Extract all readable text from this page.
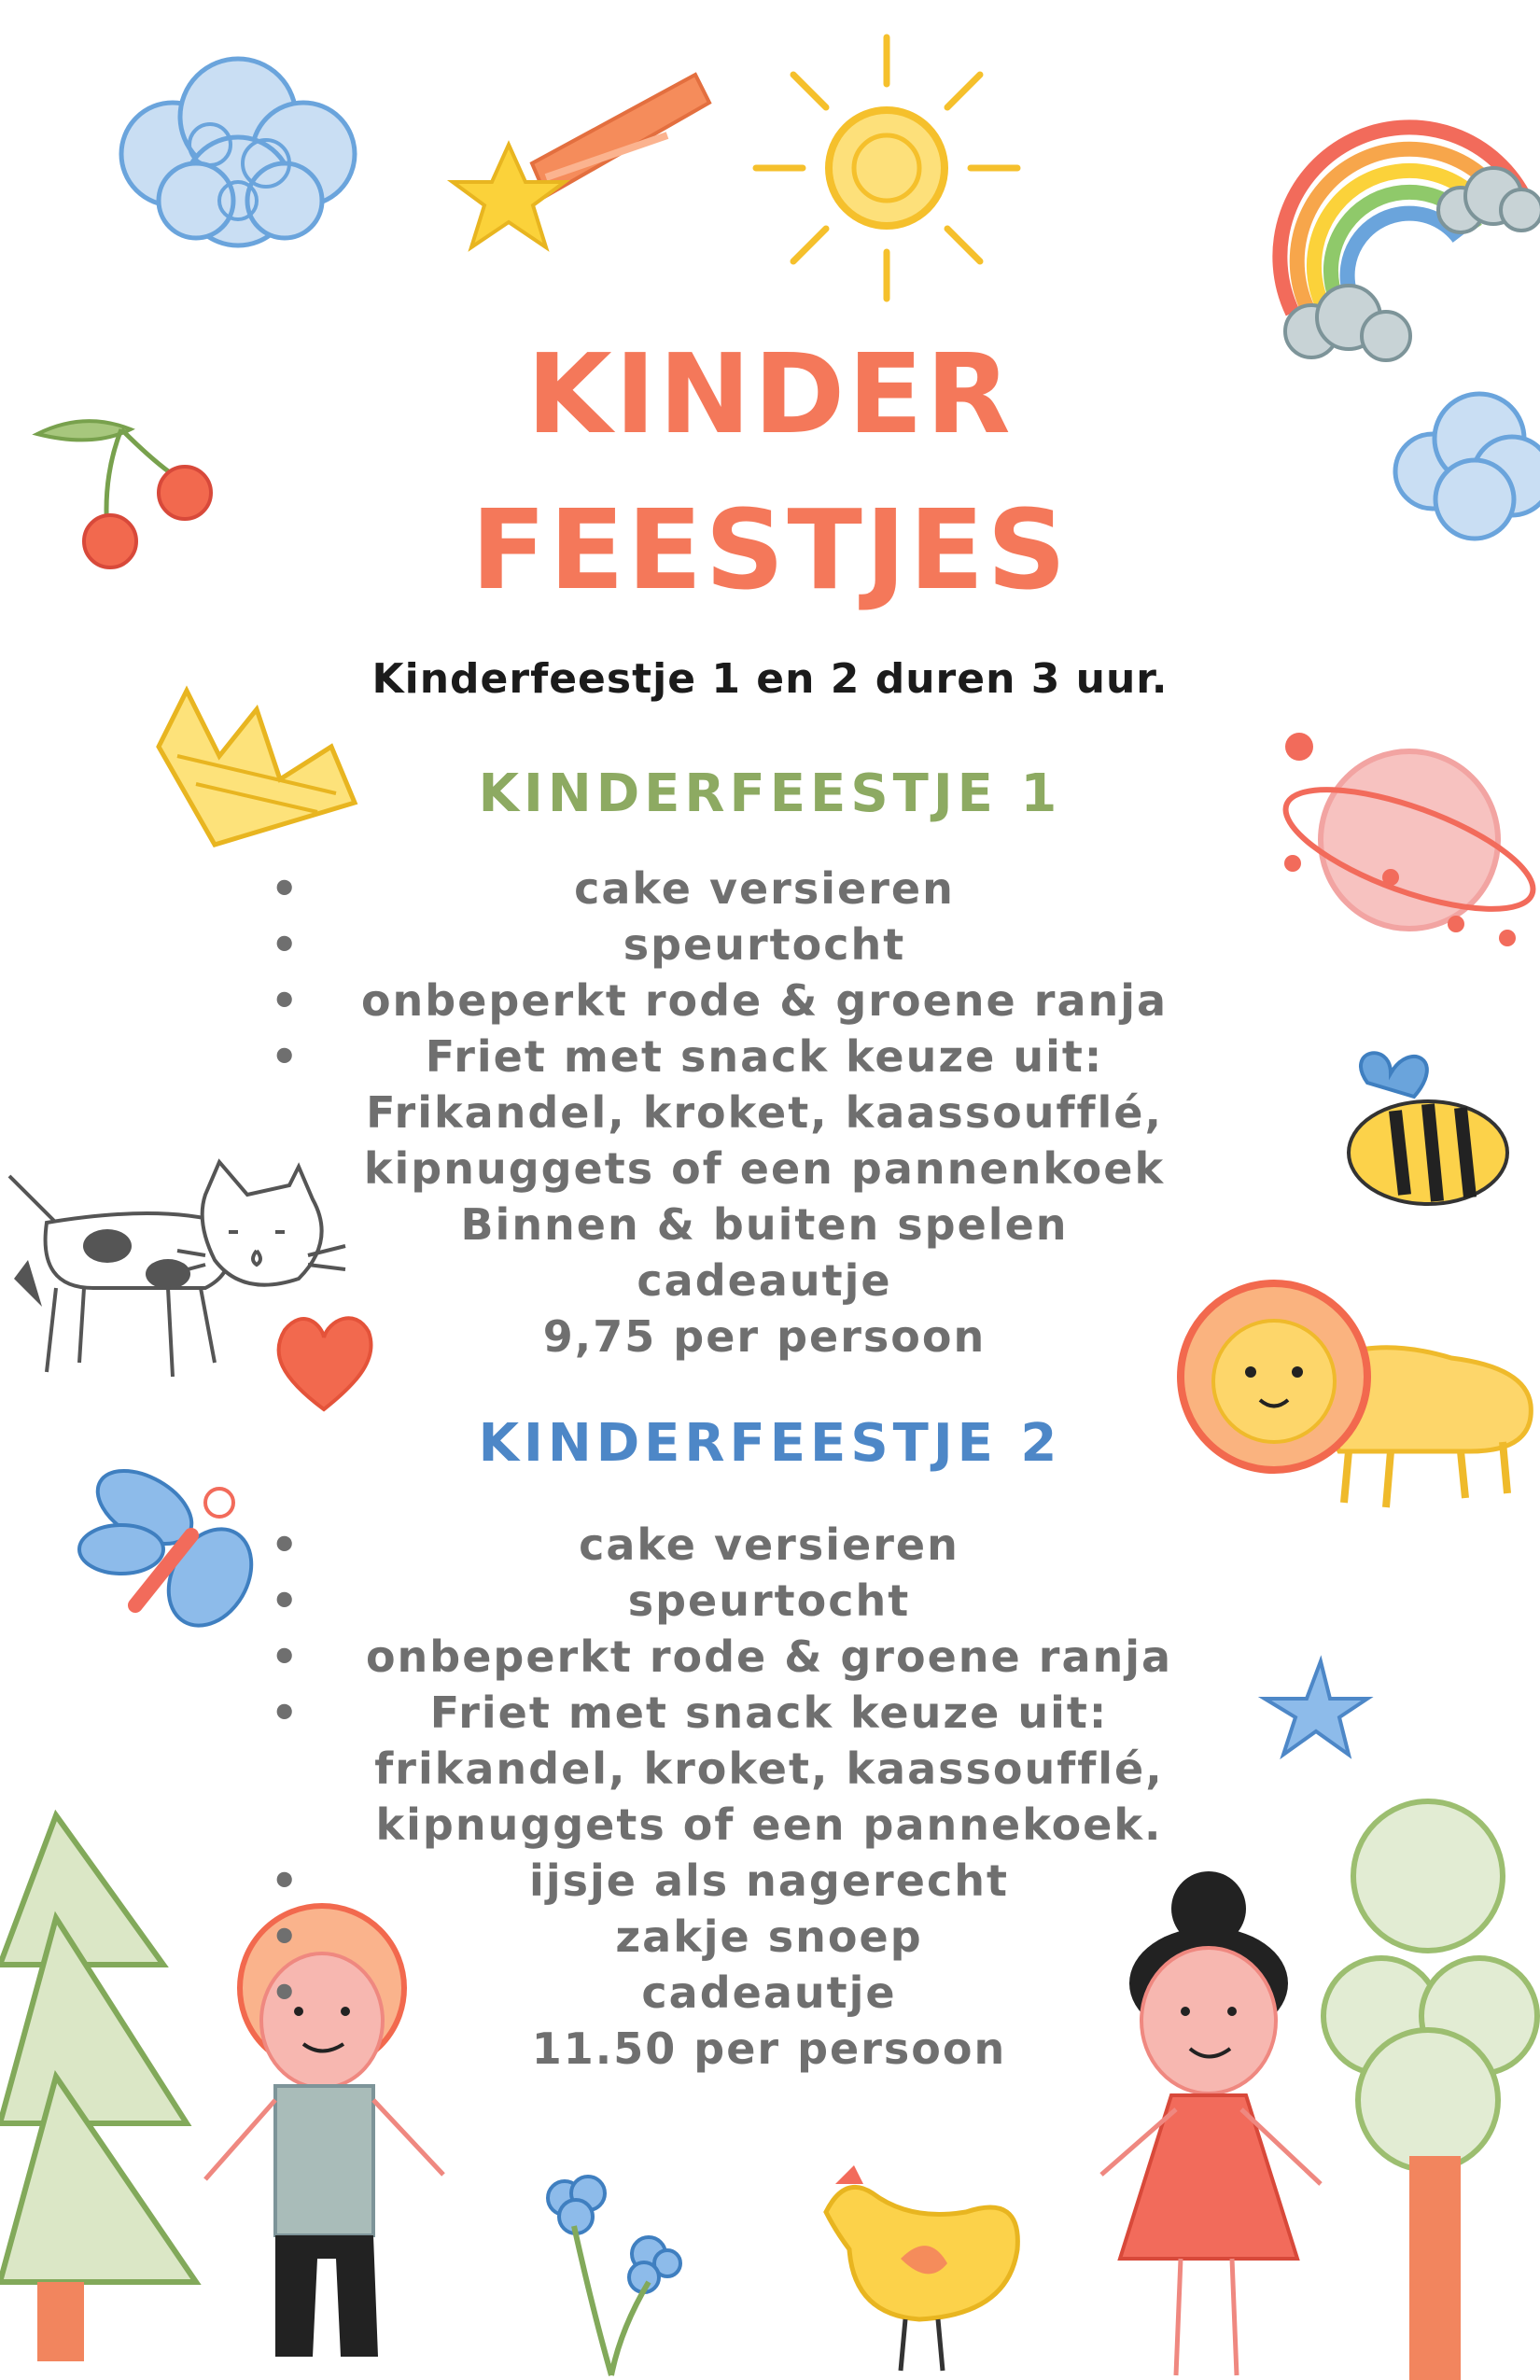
KINDER
FEESTJES
Kinderfeestje 1 en 2 duren 3 uur.
KINDERFEESTJE 1
•	cake versieren
•	speurtocht
•	onbeperkt rode & groene ranja
•	Friet met snack keuze uit:
Frikandel, kroket, kaassoufflé,
kipnuggets of een pannenkoek
Binnen & buiten spelen
cadeautje
9,75 per persoon
KINDERFEESTJE 2
•	cake versieren
•	speurtocht
•	onbeperkt rode & groene ranja
•	Friet met snack keuze uit:
frikandel, kroket, kaassoufflé,
kipnuggets of een pannekoek.
•	ijsje als nagerecht
•	zakje snoep
•	cadeautje
11.50 per persoon
